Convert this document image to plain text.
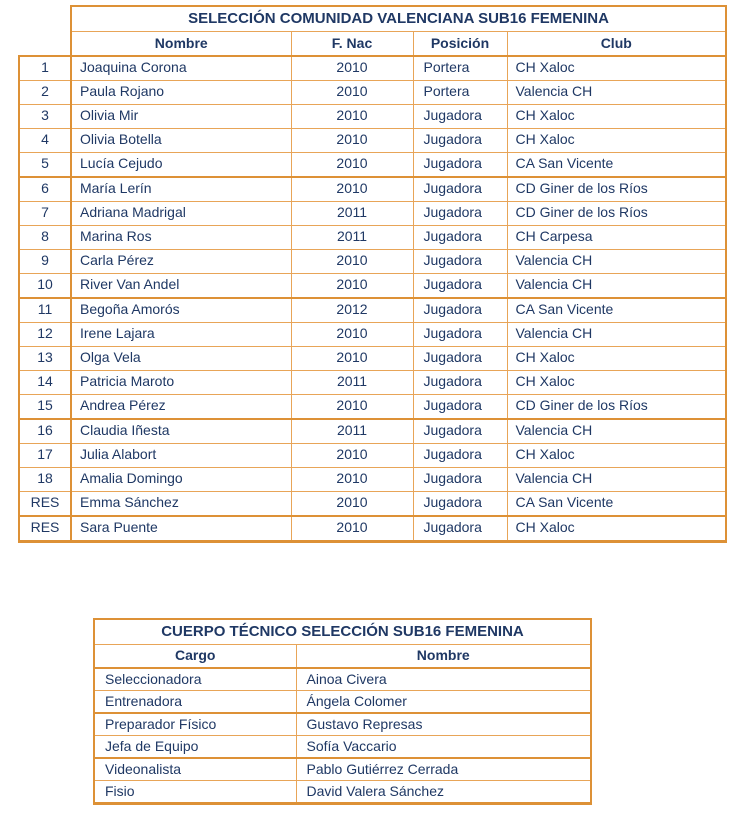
	SELECCIÓN COMUNIDAD VALENCIANA SUB16 FEMENINA			
	Nombre	F. Nac	Posición	Club
1	Joaquina Corona	2010	Portera	CH Xaloc
2	Paula Rojano	2010	Portera	Valencia CH
3	Olivia Mir	2010	Jugadora	CH Xaloc
4	Olivia Botella	2010	Jugadora	CH Xaloc
5	Lucía Cejudo	2010	Jugadora	CA San Vicente
6	María Lerín	2010	Jugadora	CD Giner de los Ríos
7	Adriana Madrigal	2011	Jugadora	CD Giner de los Ríos
8	Marina Ros	2011	Jugadora	CH Carpesa
9	Carla Pérez	2010	Jugadora	Valencia CH
10	River Van Andel	2010	Jugadora	Valencia CH
11	Begoña Amorós	2012	Jugadora	CA San Vicente
12	Irene Lajara	2010	Jugadora	Valencia CH
13	Olga Vela	2010	Jugadora	CH Xaloc
14	Patricia Maroto	2011	Jugadora	CH Xaloc
15	Andrea Pérez	2010	Jugadora	CD Giner de los Ríos
16	Claudia Iñesta	2011	Jugadora	Valencia CH
17	Julia Alabort	2010	Jugadora	CH Xaloc
18	Amalia Domingo	2010	Jugadora	Valencia CH
RES	Emma Sánchez	2010	Jugadora	CA San Vicente
RES	Sara Puente	2010	Jugadora	CH Xaloc
CUERPO TÉCNICO SELECCIÓN SUB16 FEMENINA	
Cargo	Nombre
Seleccionadora	Ainoa Civera
Entrenadora	Ángela Colomer
Preparador Físico	Gustavo Represas
Jefa de Equipo	Sofía Vaccario
Videonalista	Pablo Gutiérrez Cerrada
Fisio	David Valera Sánchez
